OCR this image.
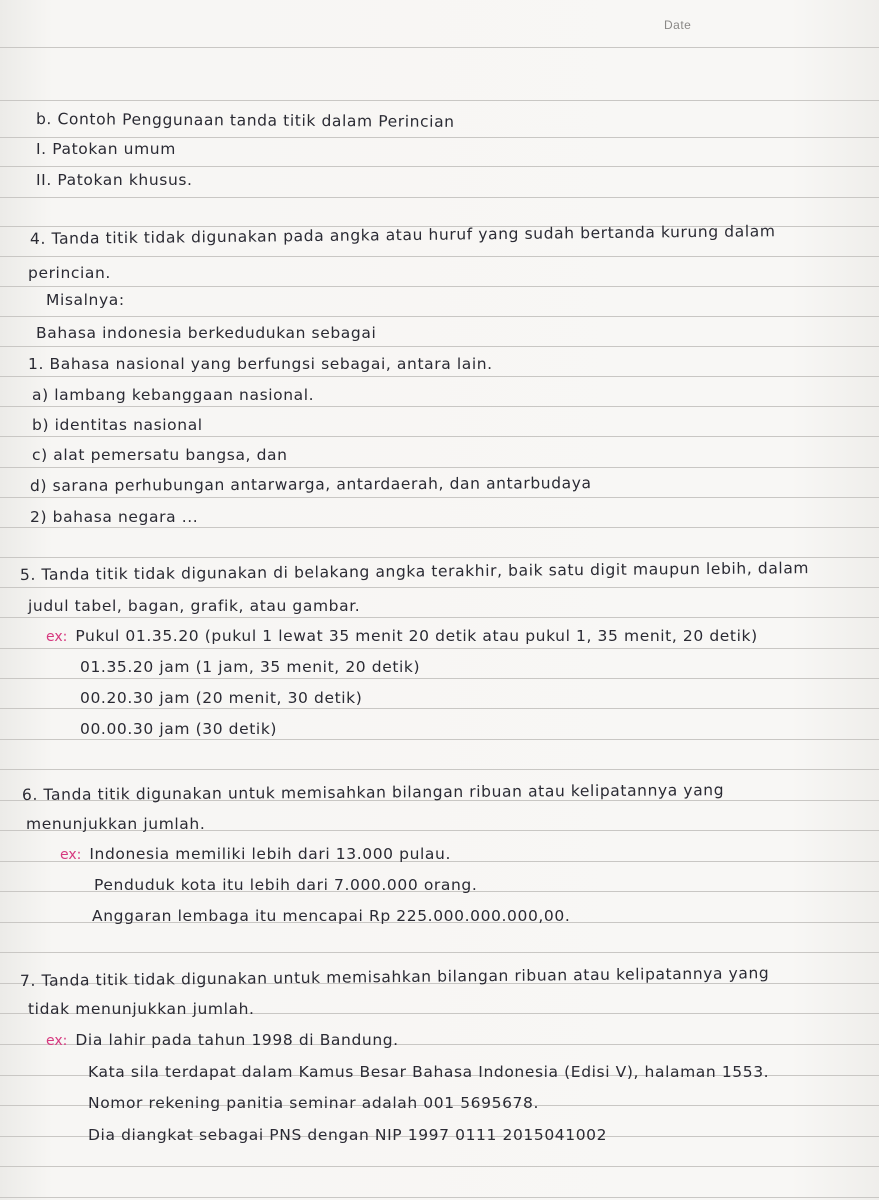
Date
b. Contoh Penggunaan tanda titik dalam Perincian
I. Patokan umum
II. Patokan khusus.
4. Tanda titik tidak digunakan pada angka atau huruf yang sudah bertanda kurung dalam
perincian.
Misalnya:
Bahasa indonesia berkedudukan sebagai
1. Bahasa nasional yang berfungsi sebagai, antara lain.
a) lambang kebanggaan nasional.
b) identitas nasional
c) alat pemersatu bangsa, dan
d) sarana perhubungan antarwarga, antardaerah, dan antarbudaya
2) bahasa negara ...
5. Tanda titik tidak digunakan di belakang angka terakhir, baik satu digit maupun lebih, dalam
judul tabel, bagan, grafik, atau gambar.
ex: Pukul 01.35.20 (pukul 1 lewat 35 menit 20 detik atau pukul 1, 35 menit, 20 detik)
01.35.20 jam (1 jam, 35 menit, 20 detik)
00.20.30 jam (20 menit, 30 detik)
00.00.30 jam (30 detik)
6. Tanda titik digunakan untuk memisahkan bilangan ribuan atau kelipatannya yang
menunjukkan jumlah.
ex: Indonesia memiliki lebih dari 13.000 pulau.
Penduduk kota itu lebih dari 7.000.000 orang.
Anggaran lembaga itu mencapai Rp 225.000.000.000,00.
7. Tanda titik tidak digunakan untuk memisahkan bilangan ribuan atau kelipatannya yang
tidak menunjukkan jumlah.
ex: Dia lahir pada tahun 1998 di Bandung.
Kata sila terdapat dalam Kamus Besar Bahasa Indonesia (Edisi V), halaman 1553.
Nomor rekening panitia seminar adalah 001 5695678.
Dia diangkat sebagai PNS dengan NIP 1997 0111 2015041002
